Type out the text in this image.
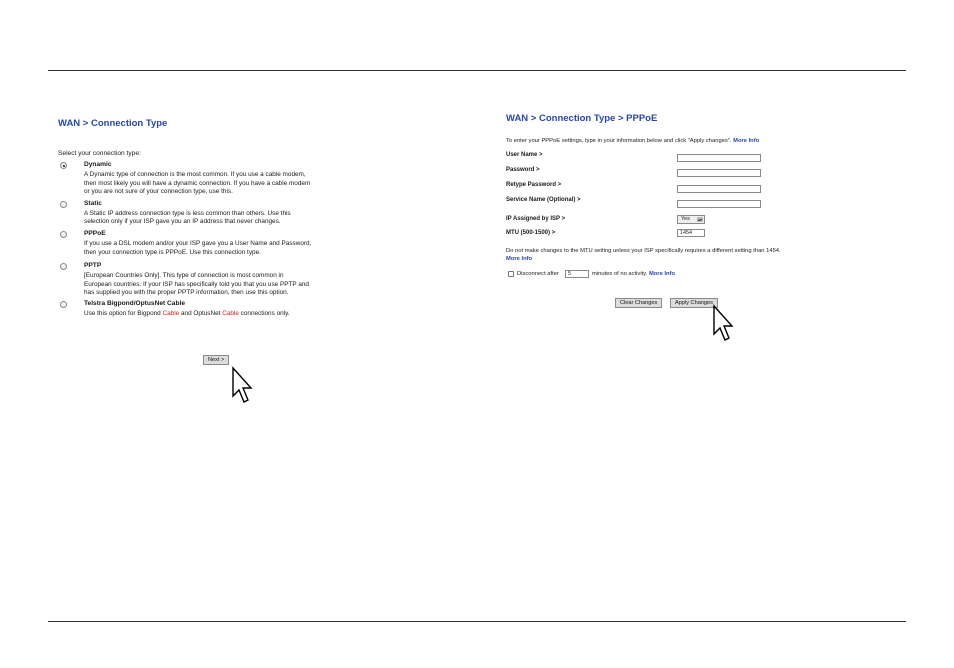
WAN > Connection Type

Select your connection type:
Dynamic
A Dynamic type of connection is the most common. If you use a cable modem,
then most likely you will have a dynamic connection. If you have a cable modem
or you are not sure of your connection type, use this.
Static
A Static IP address connection type is less common than others. Use this
selection only if your ISP gave you an IP address that never changes.
PPPoE
If you use a DSL modem and/or your ISP gave you a User Name and Password,
then your connection type is PPPoE. Use this connection type.
PPTP
[European Countries Only]. This type of connection is most common in
European countries. If your ISP has specifically told you that you use PPTP and
has supplied you with the proper PPTP information, then use this option.
Telstra Bigpond/OptusNet Cable
Use this option for Bigpond Cable and OptusNet Cable connections only.
Next >

WAN > Connection Type > PPPoE

To enter your PPPoE settings, type in your information below and click "Apply changes". More Info
User Name >
Password >
Retype Password >
Service Name (Optional) >
IP Assigned by ISP >	Yes ▴▾
MTU (500-1500) >	1454
Do not make changes to the MTU setting unless your ISP specifically requires a different setting than 1454.
More Info
Disconnect after	5	minutes of no activity. More Info
Clear Changes	Apply Changes
